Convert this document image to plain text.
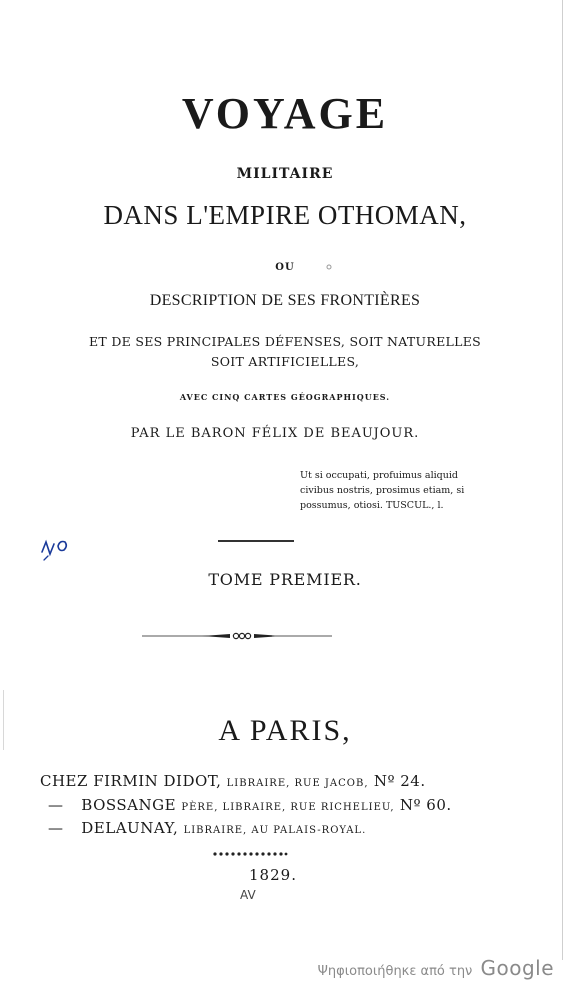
VOYAGE
MILITAIRE
DANS L'EMPIRE OTHOMAN,
OU
DESCRIPTION DE SES FRONTIÈRES
ET DE SES PRINCIPALES DÉFENSES, SOIT NATURELLES
SOIT ARTIFICIELLES,
AVEC CINQ CARTES GÉOGRAPHIQUES.
PAR LE BARON FÉLIX DE BEAUJOUR.
Ut si occupati, profuimus aliquid
civibus nostris, prosimus etiam, si
possumus, otiosi. TUSCUL., l.
TOME PREMIER.
A PARIS,
CHEZ FIRMIN DIDOT, LIBRAIRE, RUE JACOB, Nº 24.
— BOSSANGE PÈRE, LIBRAIRE, RUE RICHELIEU, Nº 60.
— DELAUNAY, LIBRAIRE, AU PALAIS-ROYAL.
1829.
AV
Ψηφιοποιήθηκε από την Google
